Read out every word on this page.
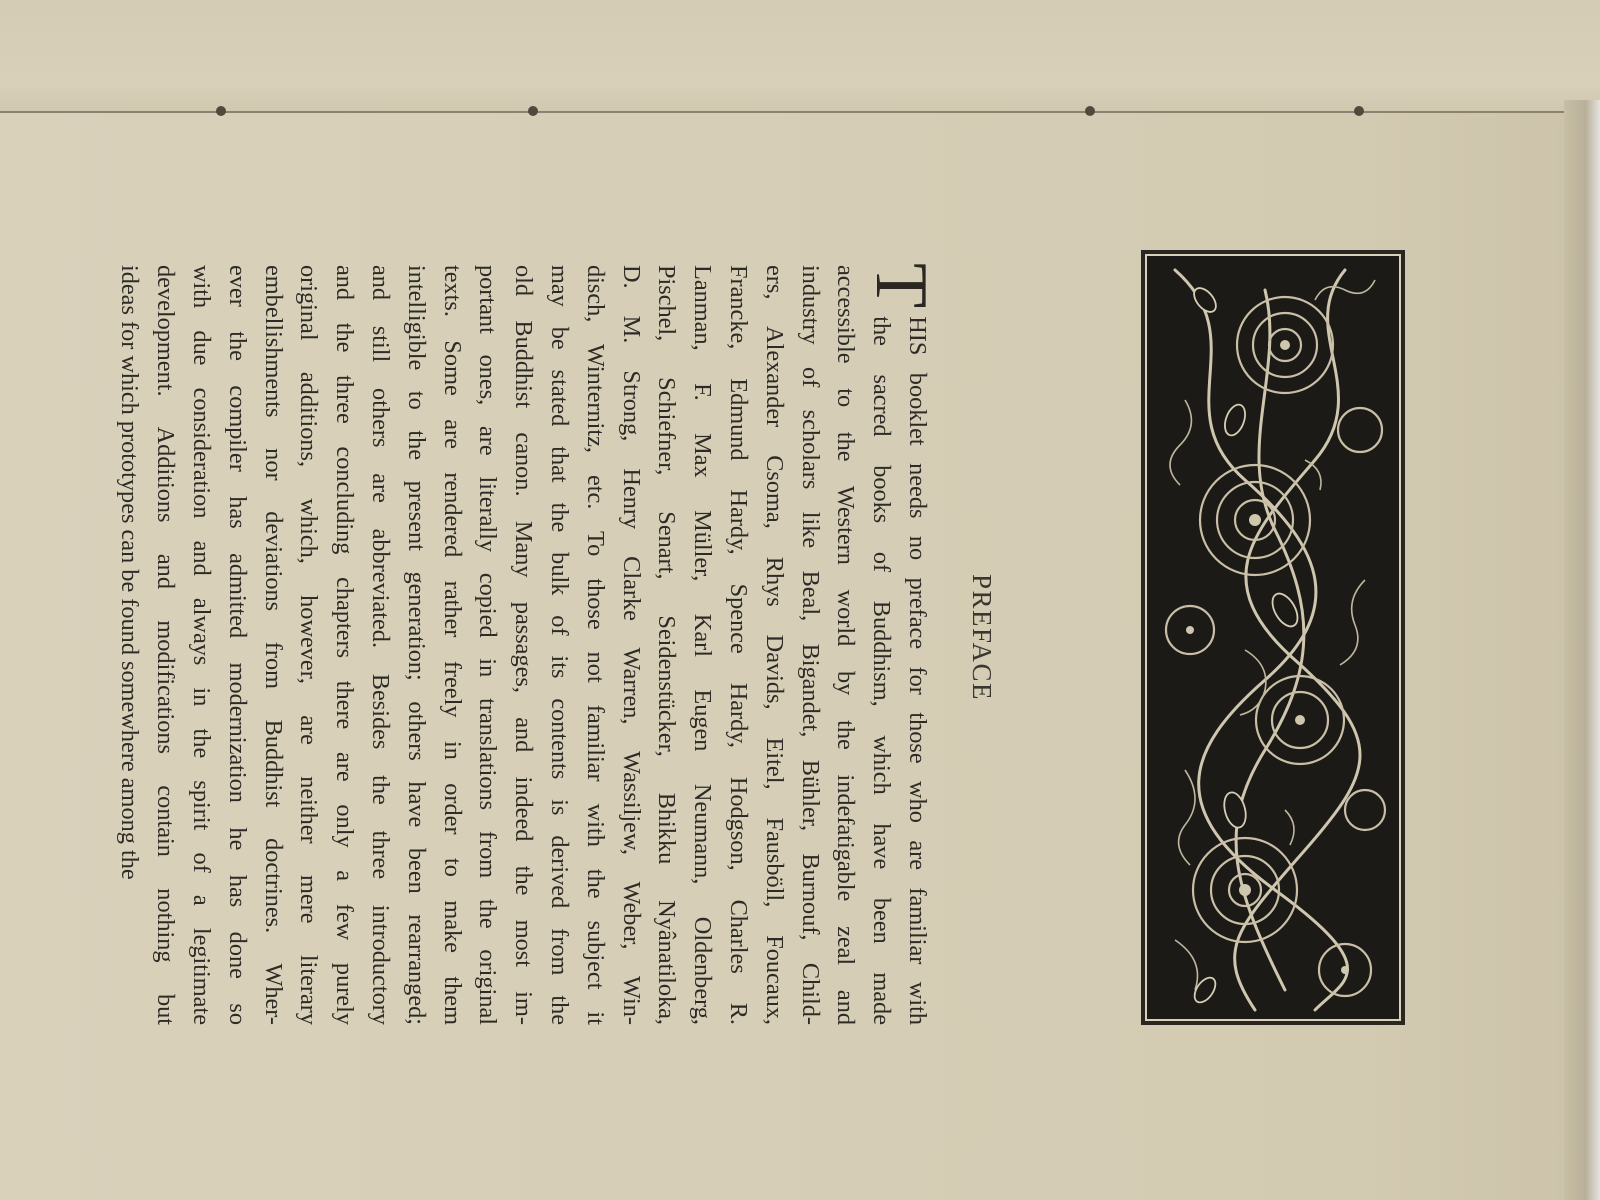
PREFACE
T
HIS booklet needs no preface for those who are familiar with
the sacred books of Buddhism, which have been made
accessible to the Western world by the indefatigable zeal and
industry of scholars like Beal, Bigandet, Bühler, Burnouf, Child-
ers, Alexander Csoma, Rhys Davids, Eitel, Fausböll, Foucaux,
Francke, Edmund Hardy, Spence Hardy, Hodgson, Charles R.
Lanman, F. Max Müller, Karl Eugen Neumann, Oldenberg,
Pischel, Schiefner, Senart, Seidenstücker, Bhikku Nyânatiloka,
D. M. Strong, Henry Clarke Warren, Wassiljew, Weber, Win-
disch, Winternitz, etc. To those not familiar with the subject it
may be stated that the bulk of its contents is derived from the
old Buddhist canon. Many passages, and indeed the most im-
portant ones, are literally copied in translations from the original
texts. Some are rendered rather freely in order to make them
intelligible to the present generation; others have been rearranged;
and still others are abbreviated. Besides the three introductory
and the three concluding chapters there are only a few purely
original additions, which, however, are neither mere literary
embellishments nor deviations from Buddhist doctrines. Wher-
ever the compiler has admitted modernization he has done so
with due consideration and always in the spirit of a legitimate
development. Additions and modifications contain nothing but
ideas for which prototypes can be found somewhere among the
